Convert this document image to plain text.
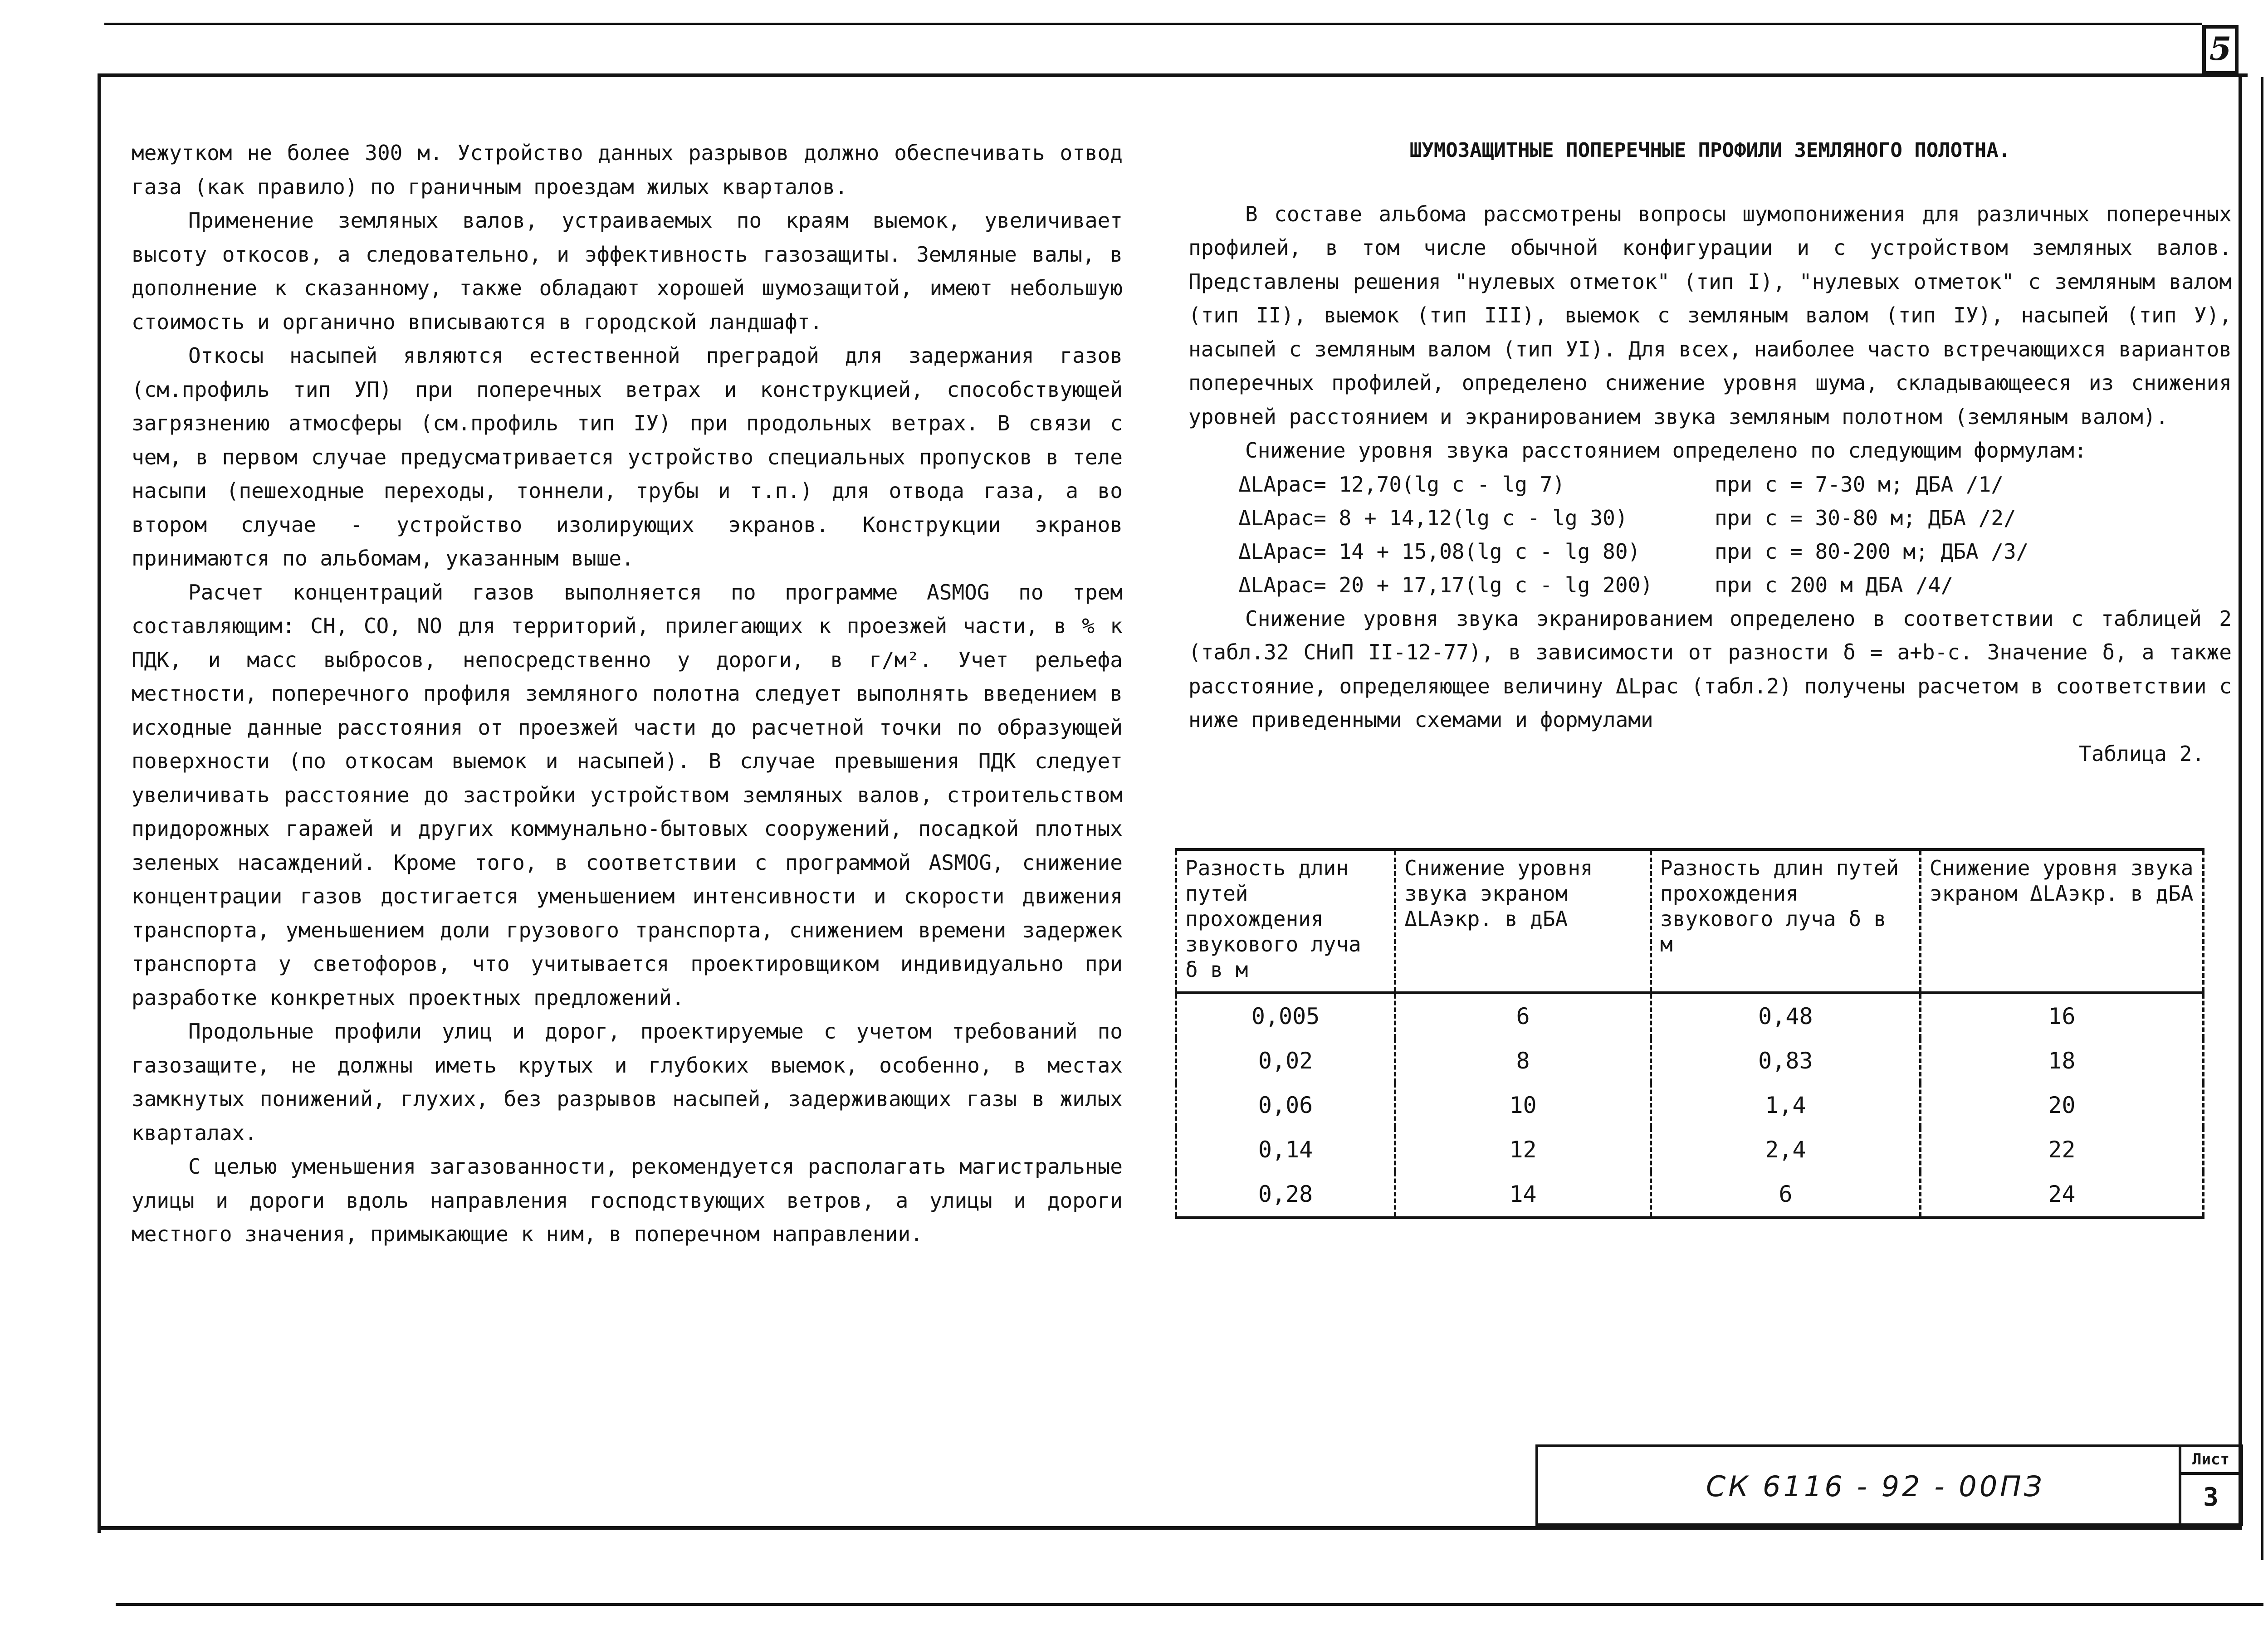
5

межутком не более 300 м. Устройство данных разрывов должно обеспечивать отвод газа (как правило) по граничным проездам жилых кварталов.

Применение земляных валов, устраиваемых по краям выемок, увеличивает высоту откосов, а следовательно, и эффективность газозащиты. Земляные валы, в дополнение к сказанному, также обладают хорошей шумозащитой, имеют небольшую стоимость и органично вписываются в городской ландшафт.

Откосы насыпей являются естественной преградой для задержания газов (см.профиль тип УП) при поперечных ветрах и конструкцией, способствующей загрязнению атмосферы (см.профиль тип IУ) при продольных ветрах. В связи с чем, в первом случае предусматривается устройство специальных пропусков в теле насыпи (пешеходные переходы, тоннели, трубы и т.п.) для отвода газа, а во втором случае - устройство изолирующих экранов. Конструкции экранов принимаются по альбомам, указанным выше.

Расчет концентраций газов выполняется по программе ASMOG по трем составляющим: СН, СО, NO для территорий, прилегающих к проезжей части, в % к ПДК, и масс выбросов, непосредственно у дороги, в г/м². Учет рельефа местности, поперечного профиля земляного полотна следует выполнять введением в исходные данные расстояния от проезжей части до расчетной точки по образующей поверхности (по откосам выемок и насыпей). В случае превышения ПДК следует увеличивать расстояние до застройки устройством земляных валов, строительством придорожных гаражей и других коммунально-бытовых сооружений, посадкой плотных зеленых насаждений. Кроме того, в соответствии с программой ASMOG, снижение концентрации газов достигается уменьшением интенсивности и скорости движения транспорта, уменьшением доли грузового транспорта, снижением времени задержек транспорта у светофоров, что учитывается проектировщиком индивидуально при разработке конкретных проектных предложений.

Продольные профили улиц и дорог, проектируемые с учетом требований по газозащите, не должны иметь крутых и глубоких выемок, особенно, в местах замкнутых понижений, глухих, без разрывов насыпей, задерживающих газы в жилых кварталах.

С целью уменьшения загазованности, рекомендуется располагать магистральные улицы и дороги вдоль направления господствующих ветров, а улицы и дороги местного значения, примыкающие к ним, в поперечном направлении.

ШУМОЗАЩИТНЫЕ ПОПЕРЕЧНЫЕ ПРОФИЛИ ЗЕМЛЯНОГО ПОЛОТНА.

В составе альбома рассмотрены вопросы шумопонижения для различных поперечных профилей, в том числе обычной конфигурации и с устройством земляных валов. Представлены решения "нулевых отметок" (тип I), "нулевых отметок" с земляным валом (тип II), выемок (тип III), выемок с земляным валом (тип IУ), насыпей (тип У), насыпей с земляным валом (тип УI). Для всех, наиболее часто встречающихся вариантов поперечных профилей, определено снижение уровня шума, складывающееся из снижения уровней расстоянием и экранированием звука земляным полотном (земляным валом).

Снижение уровня звука расстоянием определено по следующим формулам:

ΔLAрас= 12,70(lg c - lg 7)	при c = 7-30 м; ДБА /1/
ΔLAрас= 8 + 14,12(lg c - lg 30)	при c = 30-80 м; ДБА /2/
ΔLAрас= 14 + 15,08(lg c - lg 80)	при c = 80-200 м; ДБА /3/
ΔLAрас= 20 + 17,17(lg c - lg 200)	при c 200 м ДБА /4/

Снижение уровня звука экранированием определено в соответствии с таблицей 2 (табл.32 СНиП II-12-77), в зависимости от разности δ = a+b-c. Значение δ, а также расстояние, определяющее величину ΔLрас (табл.2) получены расчетом в соответствии с ниже приведенными схемами и формулами

Таблица 2.

Разность длин путей прохождения звукового луча δ в м	Снижение уровня звука экраном ΔLАэкр. в дБА	Разность длин путей прохождения звукового луча δ в м	Снижение уровня звука экраном ΔLАэкр. в дБА
0,005	6	0,48	16
0,02	8	0,83	18
0,06	10	1,4	20
0,14	12	2,4	22
0,28	14	6	24
СК 6116 - 92 - 00ПЗ
Лист
3
